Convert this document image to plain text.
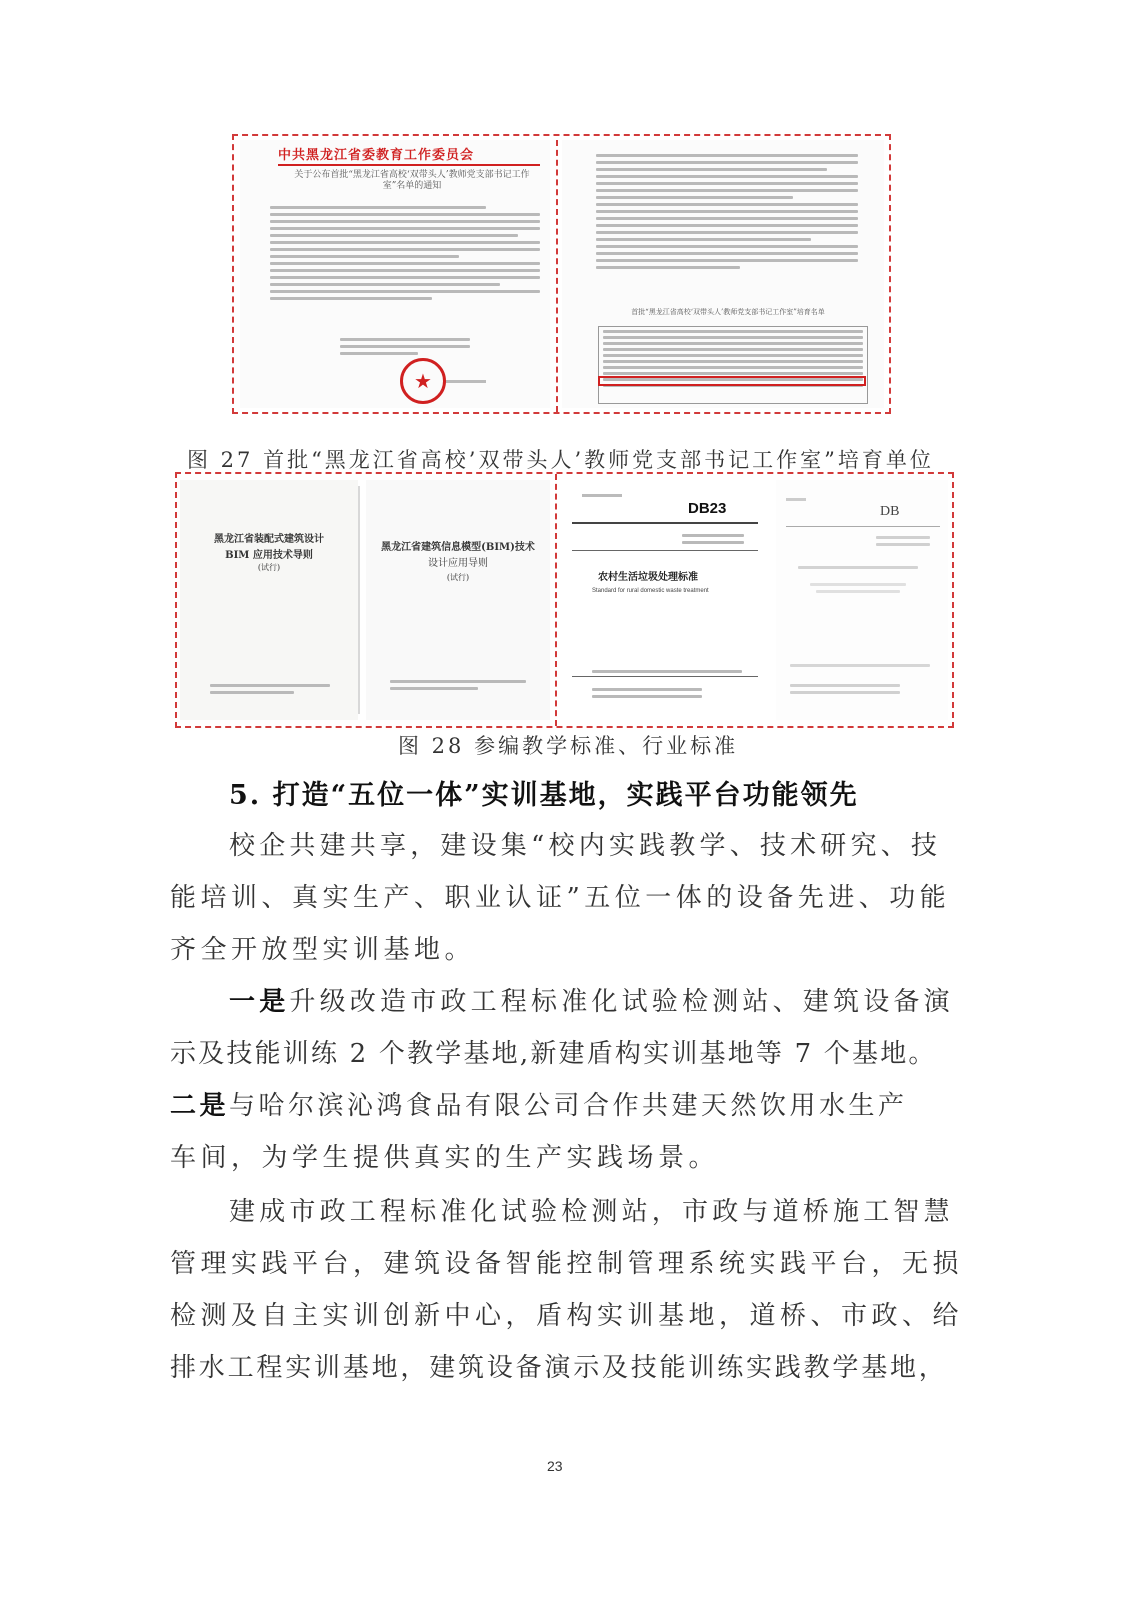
中共黑龙江省委教育工作委员会
关于公布首批“黑龙江省高校‘双带头人’教师党支部书记工作室”名单的通知
★
首批“黑龙江省高校‘双带头人’教师党支部书记工作室”培育名单
图 27 首批“黑龙江省高校’双带头人’教师党支部书记工作室”培育单位
黑龙江省装配式建筑设计
BIM 应用技术导则
(试行)
黑龙江省建筑信息模型(BIM)技术
设计应用导则
(试行)
DB23
农村生活垃圾处理标准
Standard for rural domestic waste treatment
DB
图 28 参编教学标准、行业标准
5. 打造“五位一体”实训基地，实践平台功能领先
校企共建共享，建设集“校内实践教学、技术研究、技
能培训、真实生产、职业认证”五位一体的设备先进、功能
齐全开放型实训基地。
一是升级改造市政工程标准化试验检测站、建筑设备演
示及技能训练 2 个教学基地,新建盾构实训基地等 7 个基地。
二是与哈尔滨沁鸿食品有限公司合作共建天然饮用水生产
车间，为学生提供真实的生产实践场景。
建成市政工程标准化试验检测站，市政与道桥施工智慧
管理实践平台，建筑设备智能控制管理系统实践平台，无损
检测及自主实训创新中心，盾构实训基地，道桥、市政、给
排水工程实训基地，建筑设备演示及技能训练实践教学基地，
23
